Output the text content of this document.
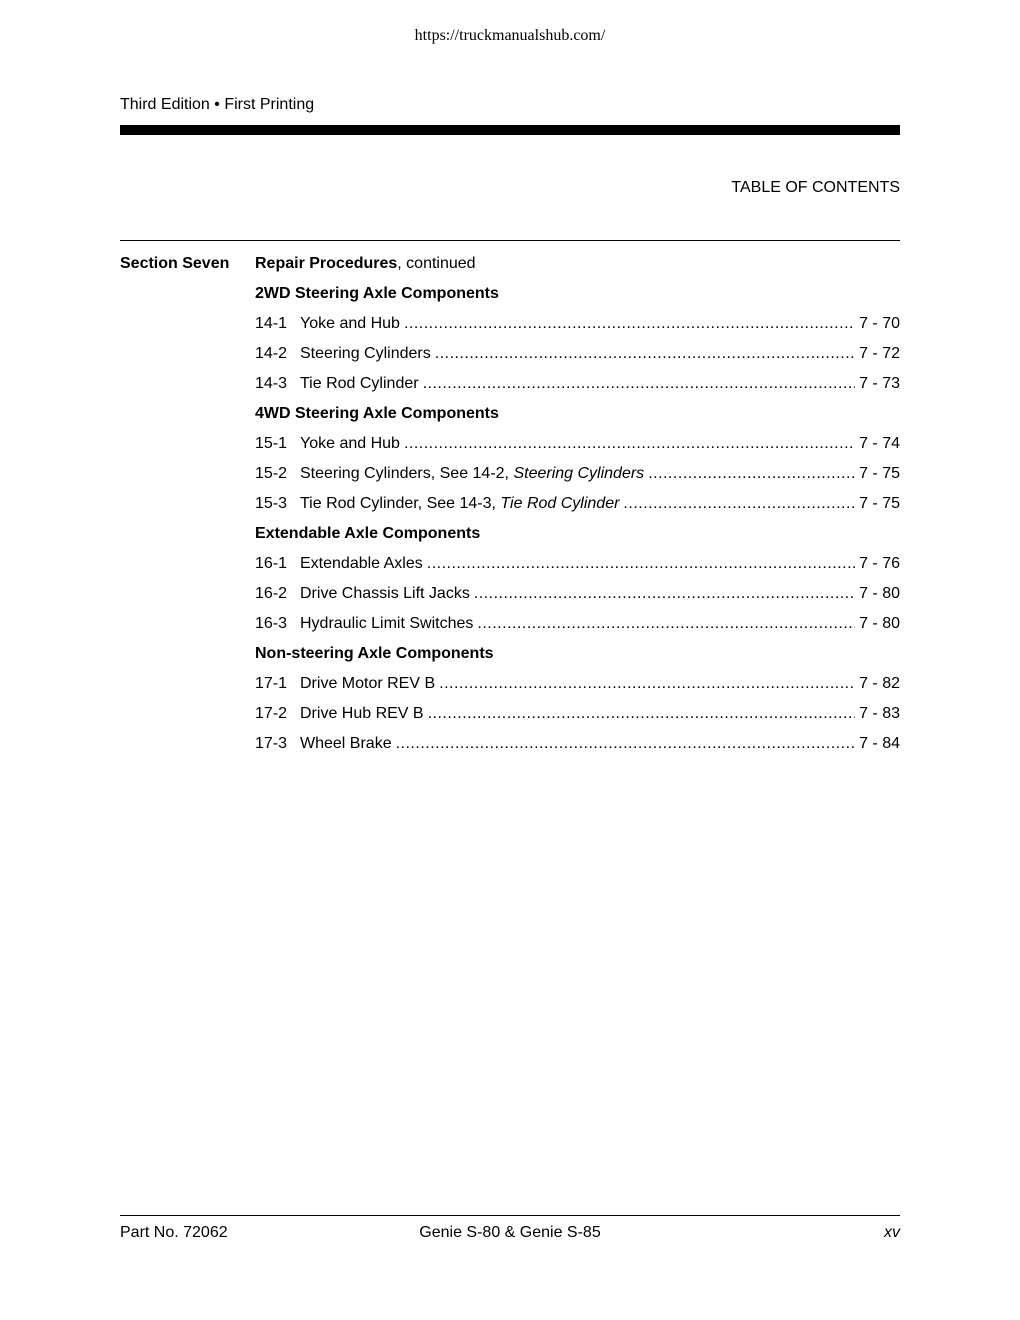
https://truckmanualshub.com/
Third Edition • First Printing
TABLE OF CONTENTS
Section Seven Repair Procedures , continued
2WD Steering Axle Components
14-1 Yoke and Hub .....	7 - 70
14-2 Steering Cylinders .....	7 - 72
14-3 Tie Rod Cylinder .....	7 - 73
4WD Steering Axle Components
15-1 Yoke and Hub .....	7 - 74
15-2 Steering Cylinders, See 14-2, Steering Cylinders .....	7 - 75
15-3 Tie Rod Cylinder, See 14-3, Tie Rod Cylinder .....	7 - 75
Extendable Axle Components
16-1 Extendable Axles .....	7 - 76
16-2 Drive Chassis Lift Jacks .....	7 - 80
16-3 Hydraulic Limit Switches .....	7 - 80
Non-steering Axle Components
17-1 Drive Motor REV B .....	7 - 82
17-2 Drive Hub REV B .....	7 - 83
17-3 Wheel Brake .....	7 - 84
Part No. 72062	Genie S-80 & Genie S-85	xv
